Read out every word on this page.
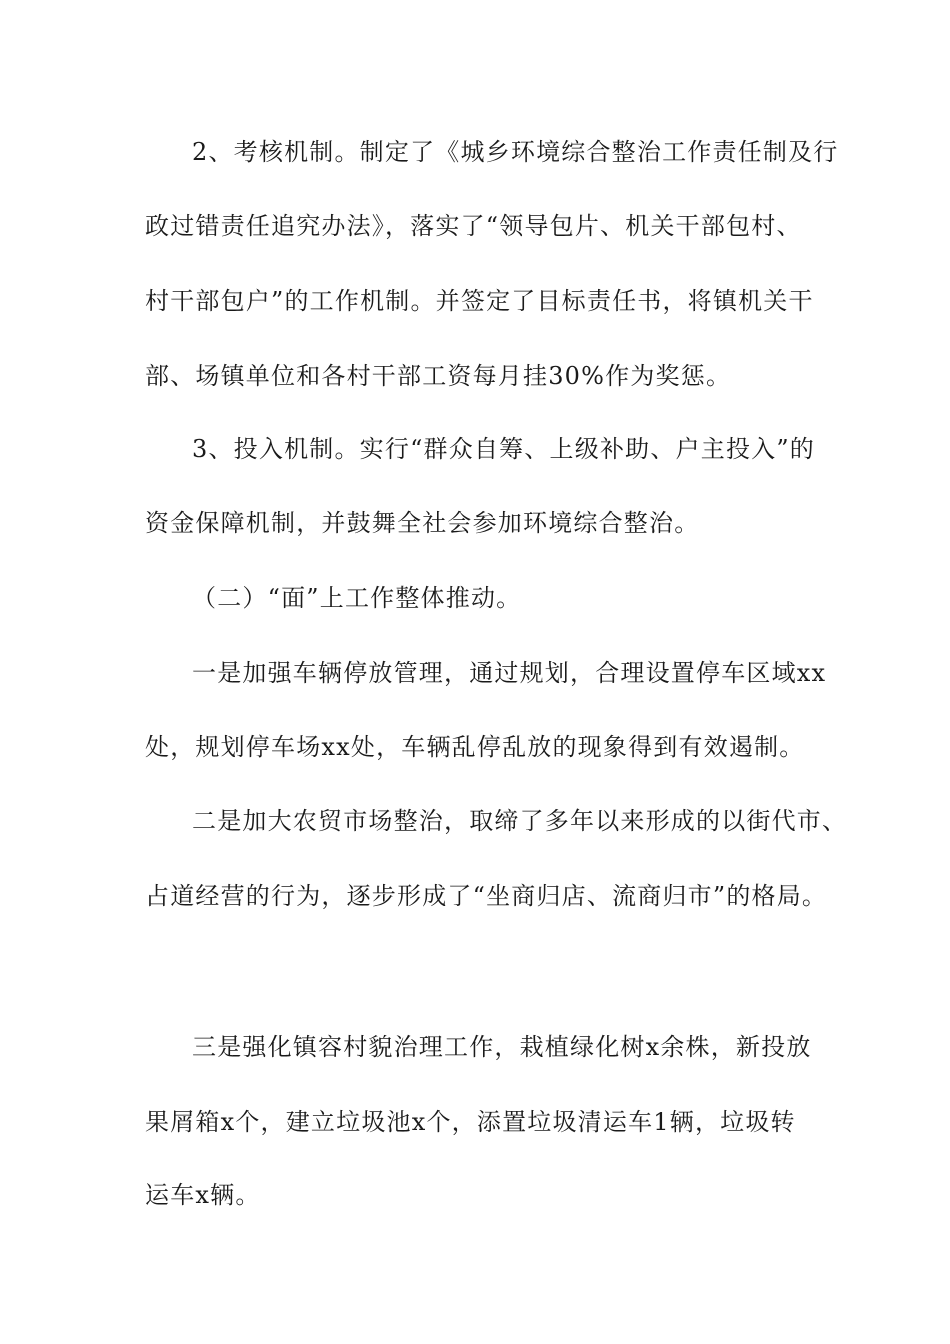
2、考核机制。制定了《城乡环境综合整治工作责任制及行
政过错责任追究办法》，落实了“领导包片、机关干部包村、
村干部包户”的工作机制。并签定了目标责任书，将镇机关干
部、场镇单位和各村干部工资每月挂30%作为奖惩。
3、投入机制。实行“群众自筹、上级补助、户主投入”的
资金保障机制，并鼓舞全社会参加环境综合整治。
（二）“面”上工作整体推动。
一是加强车辆停放管理，通过规划，合理设置停车区域xx
处，规划停车场xx处，车辆乱停乱放的现象得到有效遏制。
二是加大农贸市场整治，取缔了多年以来形成的以街代市、
占道经营的行为，逐步形成了“坐商归店、流商归市”的格局。
三是强化镇容村貌治理工作，栽植绿化树x余株，新投放
果屑箱x个，建立垃圾池x个，添置垃圾清运车1辆，垃圾转
运车x辆。
